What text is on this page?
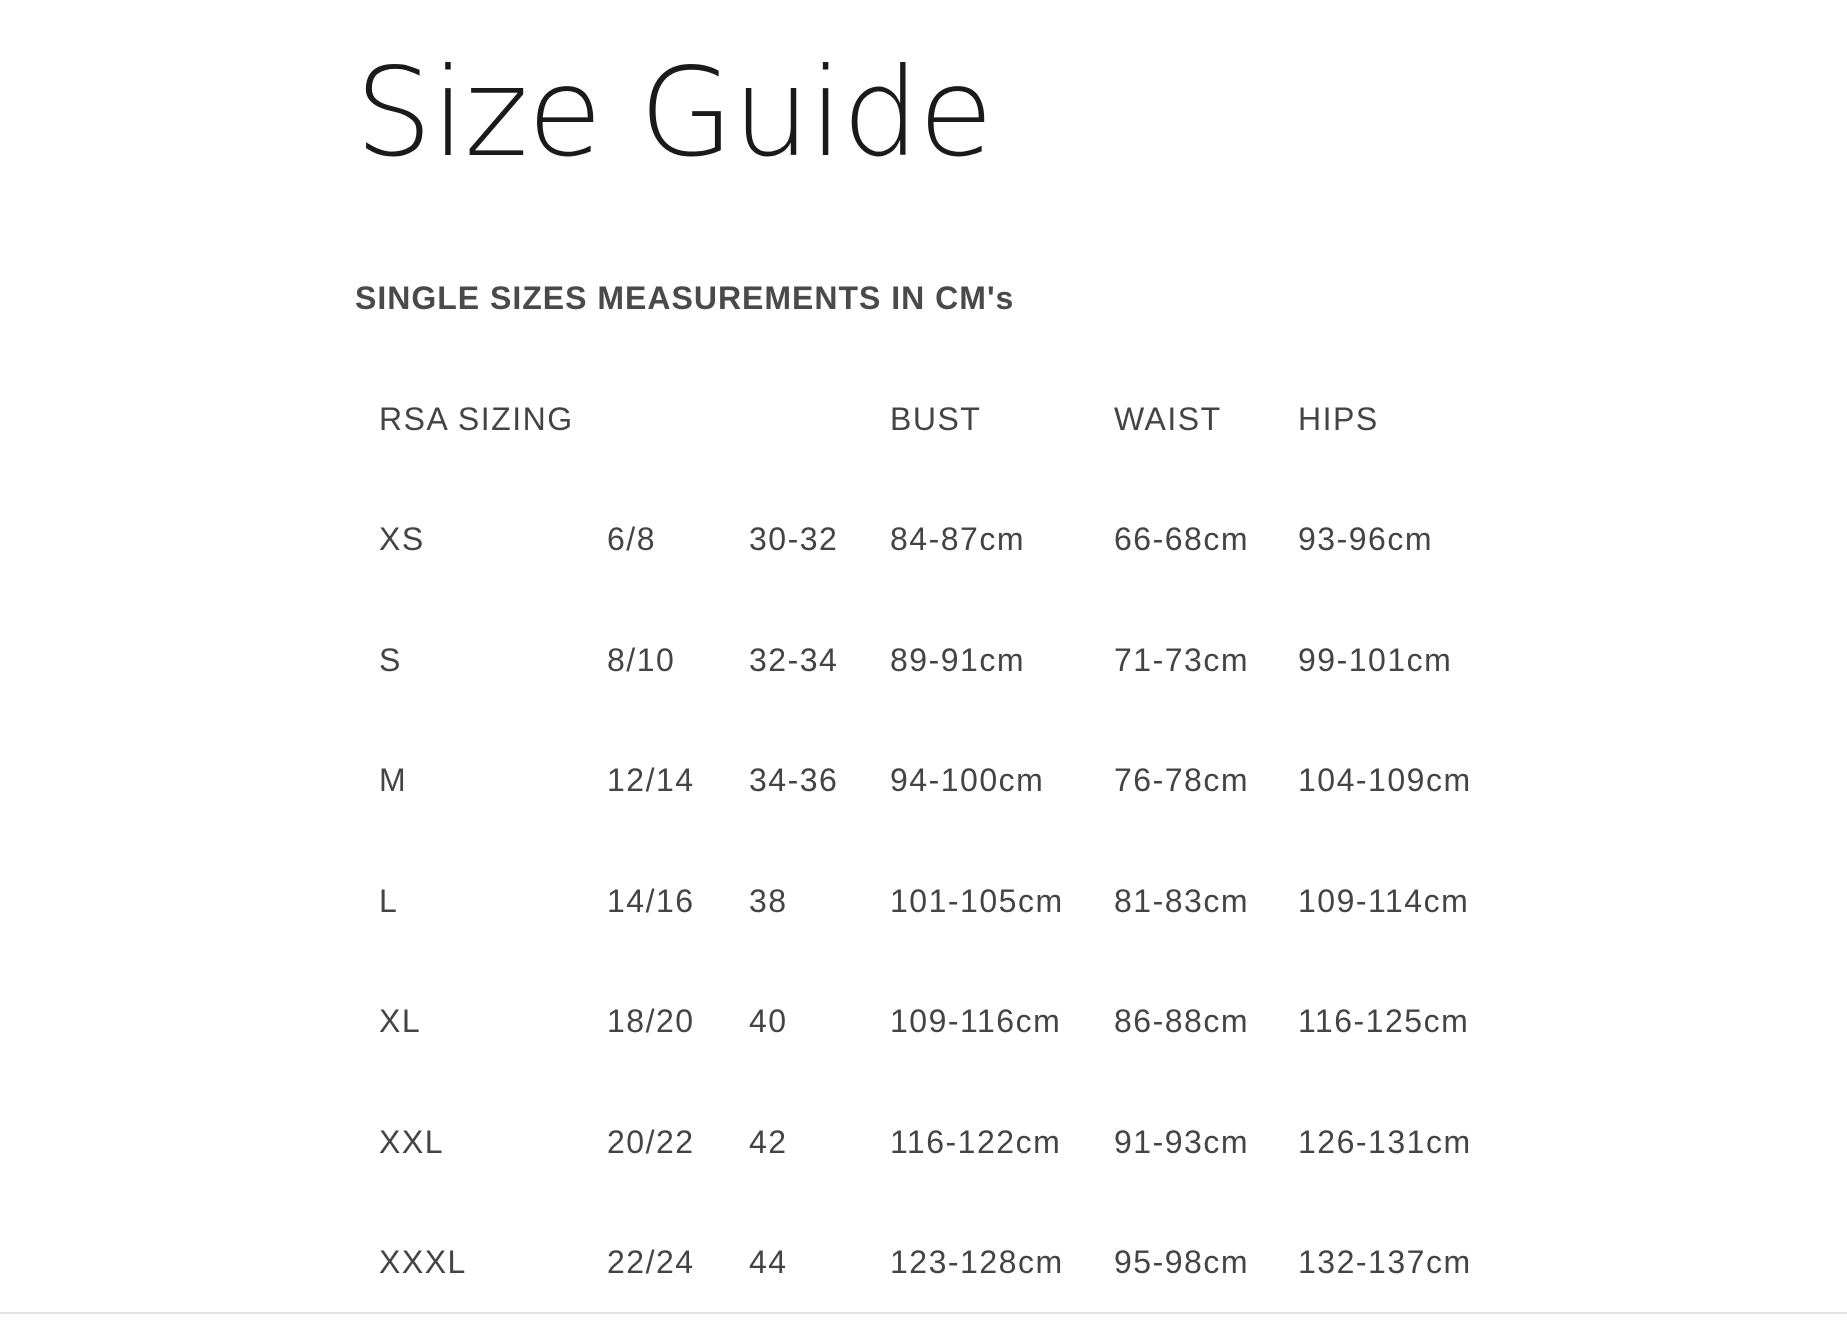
Size Guide
SINGLE SIZES MEASUREMENTS IN CM's
RSA SIZING			BUST	WAIST	HIPS
XS	6/8	30-32	84-87cm	66-68cm	93-96cm
S	8/10	32-34	89-91cm	71-73cm	99-101cm
M	12/14	34-36	94-100cm	76-78cm	104-109cm
L	14/16	38	101-105cm	81-83cm	109-114cm
XL	18/20	40	109-116cm	86-88cm	116-125cm
XXL	20/22	42	116-122cm	91-93cm	126-131cm
XXXL	22/24	44	123-128cm	95-98cm	132-137cm
